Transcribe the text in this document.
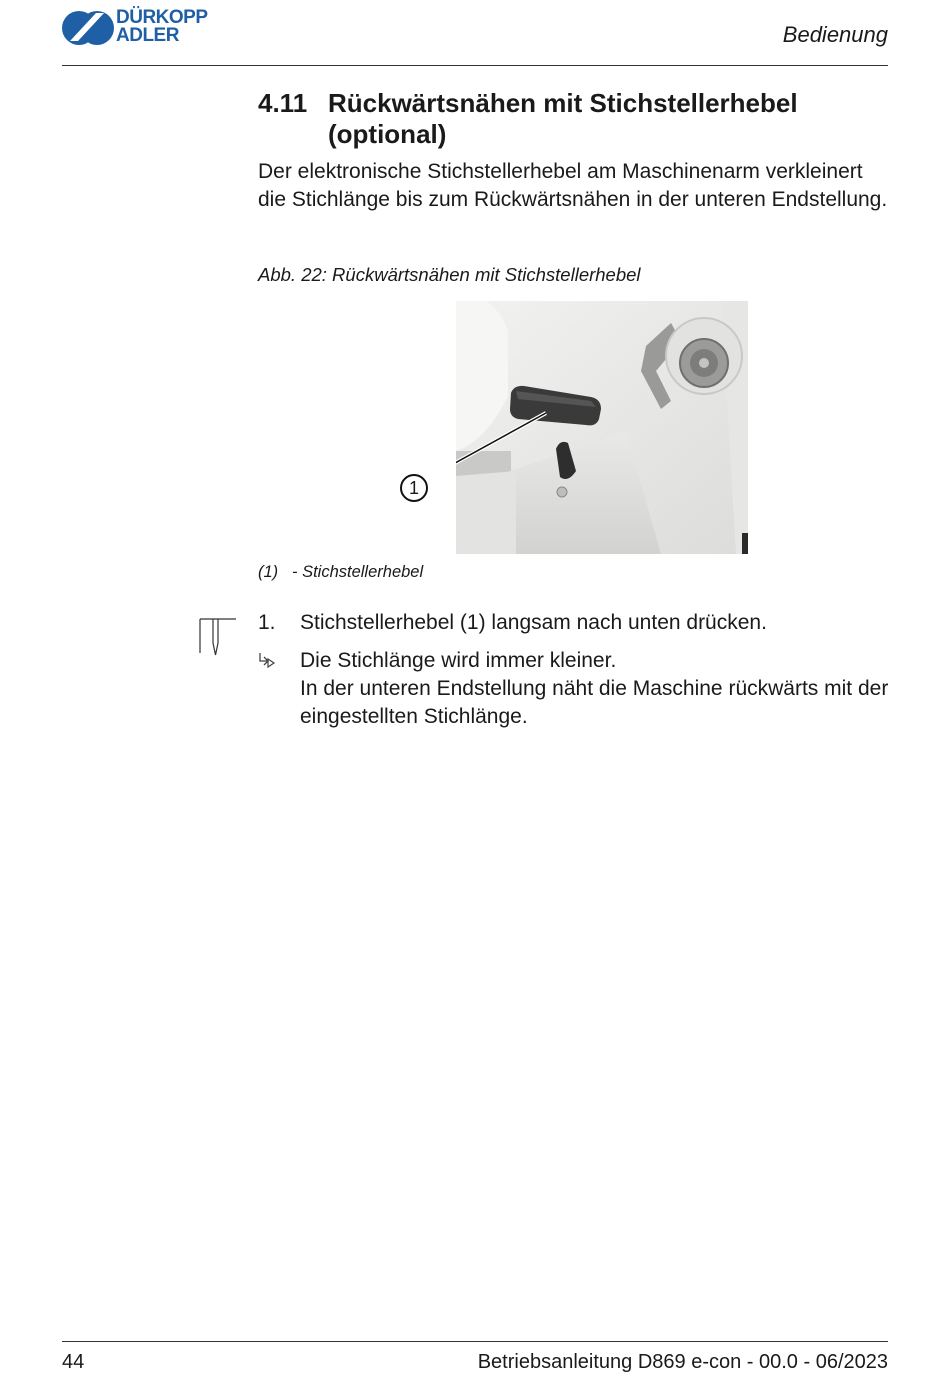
DÜRKOPP
ADLER	Bedienung
4.11 Rückwärtsnähen mit Stichstellerhebel (optional)
Der elektronische Stichstellerhebel am Maschinenarm verkleinert die Stichlänge bis zum Rückwärtsnähen in der unteren Endstellung.
Abb. 22: Rückwärtsnähen mit Stichstellerhebel
1
(1) - Stichstellerhebel
1. Stichstellerhebel (1) langsam nach unten drücken.
Die Stichlänge wird immer kleiner.
In der unteren Endstellung näht die Maschine rückwärts mit der eingestellten Stichlänge.
44	Betriebsanleitung D869 e-con - 00.0 - 06/2023
